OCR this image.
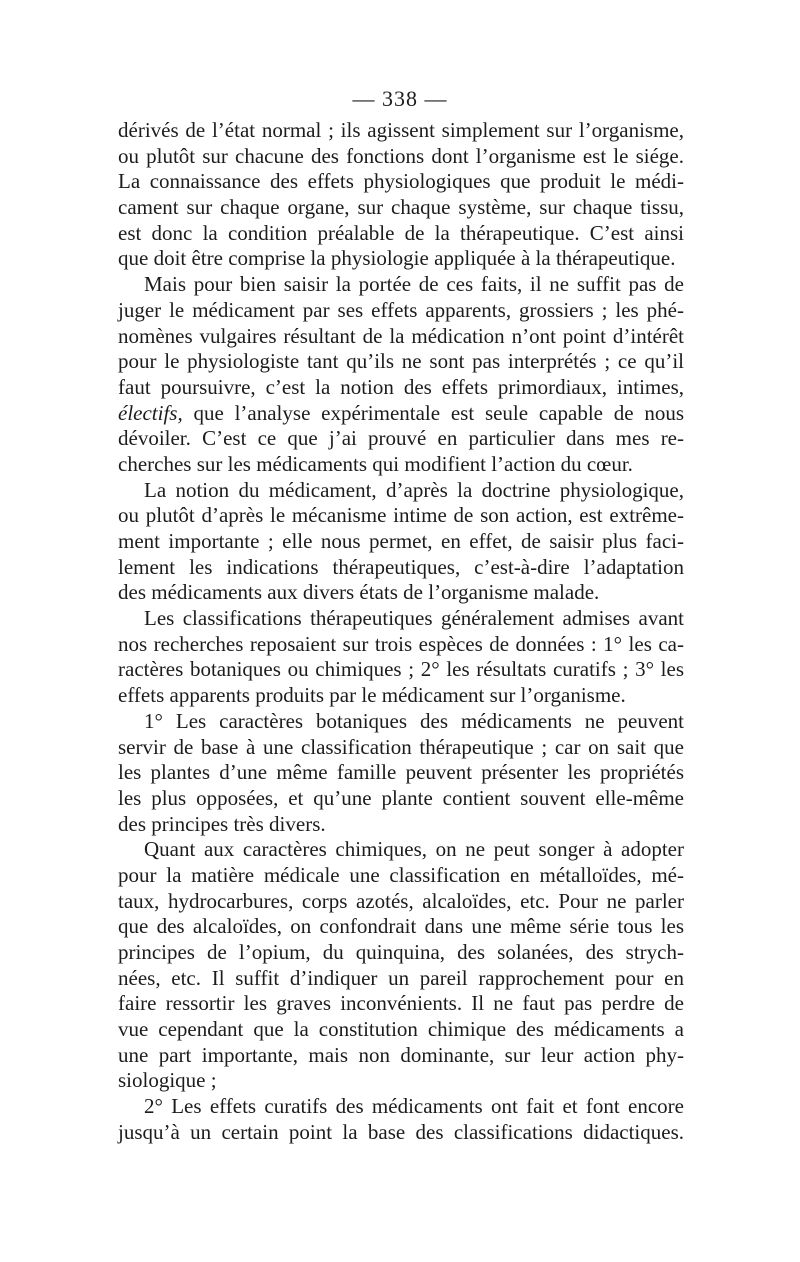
— 338 —
dérivés de l’état normal ; ils agissent simplement sur l’organisme,
ou plutôt sur chacune des fonctions dont l’organisme est le siége.
La connaissance des effets physiologiques que produit le médi-
cament sur chaque organe, sur chaque système, sur chaque tissu,
est donc la condition préalable de la thérapeutique. C’est ainsi
que doit être comprise la physiologie appliquée à la thérapeutique.
Mais pour bien saisir la portée de ces faits, il ne suffit pas de
juger le médicament par ses effets apparents, grossiers ; les phé-
nomènes vulgaires résultant de la médication n’ont point d’intérêt
pour le physiologiste tant qu’ils ne sont pas interprétés ; ce qu’il
faut poursuivre, c’est la notion des effets primordiaux, intimes,
électifs, que l’analyse expérimentale est seule capable de nous
dévoiler. C’est ce que j’ai prouvé en particulier dans mes re-
cherches sur les médicaments qui modifient l’action du cœur.
La notion du médicament, d’après la doctrine physiologique,
ou plutôt d’après le mécanisme intime de son action, est extrême-
ment importante ; elle nous permet, en effet, de saisir plus faci-
lement les indications thérapeutiques, c’est-à-dire l’adaptation
des médicaments aux divers états de l’organisme malade.
Les classifications thérapeutiques généralement admises avant
nos recherches reposaient sur trois espèces de données : 1° les ca-
ractères botaniques ou chimiques ; 2° les résultats curatifs ; 3° les
effets apparents produits par le médicament sur l’organisme.
1° Les caractères botaniques des médicaments ne peuvent
servir de base à une classification thérapeutique ; car on sait que
les plantes d’une même famille peuvent présenter les propriétés
les plus opposées, et qu’une plante contient souvent elle-même
des principes très divers.
Quant aux caractères chimiques, on ne peut songer à adopter
pour la matière médicale une classification en métalloïdes, mé-
taux, hydrocarbures, corps azotés, alcaloïdes, etc. Pour ne parler
que des alcaloïdes, on confondrait dans une même série tous les
principes de l’opium, du quinquina, des solanées, des strych-
nées, etc. Il suffit d’indiquer un pareil rapprochement pour en
faire ressortir les graves inconvénients. Il ne faut pas perdre de
vue cependant que la constitution chimique des médicaments a
une part importante, mais non dominante, sur leur action phy-
siologique ;
2° Les effets curatifs des médicaments ont fait et font encore
jusqu’à un certain point la base des classifications didactiques.
